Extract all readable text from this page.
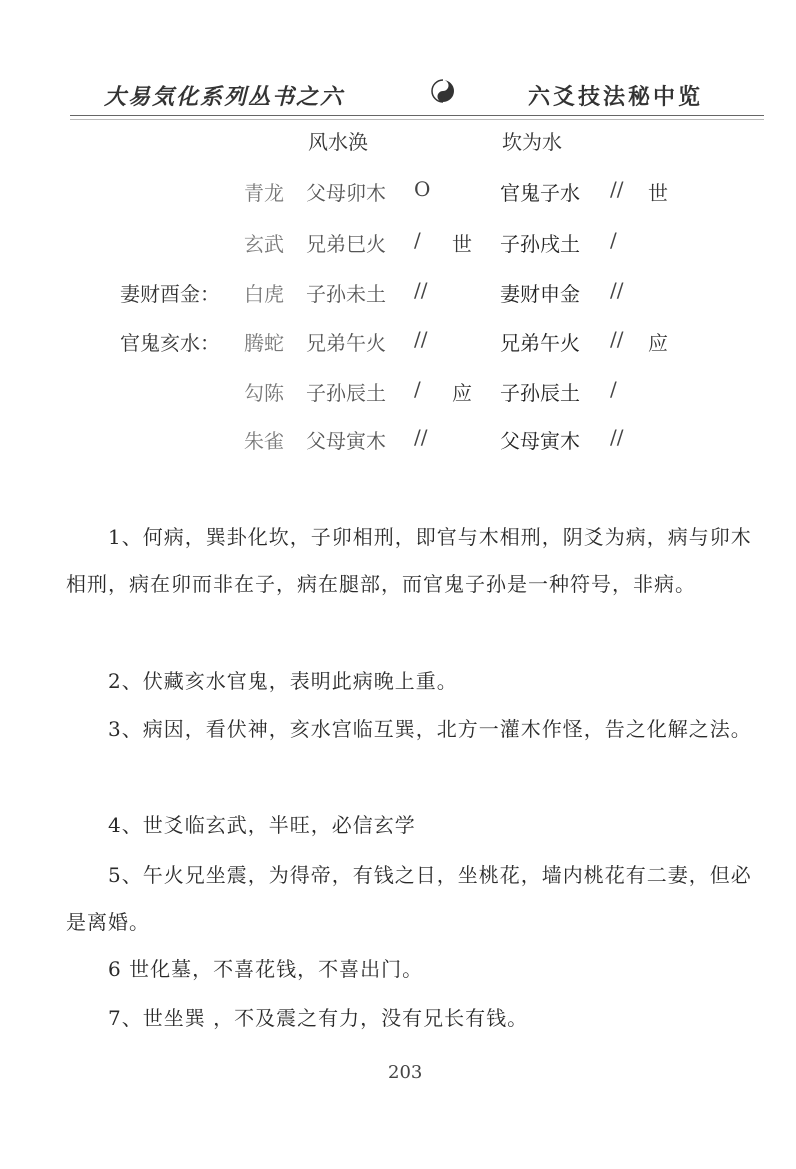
大易気化系列丛书之六	六爻技法秘中览
风水涣	坎为水
青龙 父母卯木 O	官鬼子水 // 世
玄武 兄弟巳火 / 世 子孙戌土 /
妻财酉金： 白虎 子孙未土 //	妻财申金 //
官鬼亥水： 腾蛇 兄弟午火 //	兄弟午火 // 应
勾陈 子孙辰土 / 应 子孙辰土 /
朱雀 父母寅木 //	父母寅木 //
1、何病，巽卦化坎，子卯相刑，即官与木相刑，阴爻为病，病与卯木相刑，病在卯而非在子，病在腿部，而官鬼子孙是一种符号，非病。
2、伏藏亥水官鬼，表明此病晚上重。
3、病因，看伏神，亥水宫临互巽，北方一灌木作怪，告之化解之法。
4、世爻临玄武，半旺，必信玄学
5、午火兄坐震，为得帝，有钱之日，坐桃花，墙内桃花有二妻，但必是离婚。
6 世化墓，不喜花钱，不喜出门。
7、世坐巽 ，不及震之有力，没有兄长有钱。
203
